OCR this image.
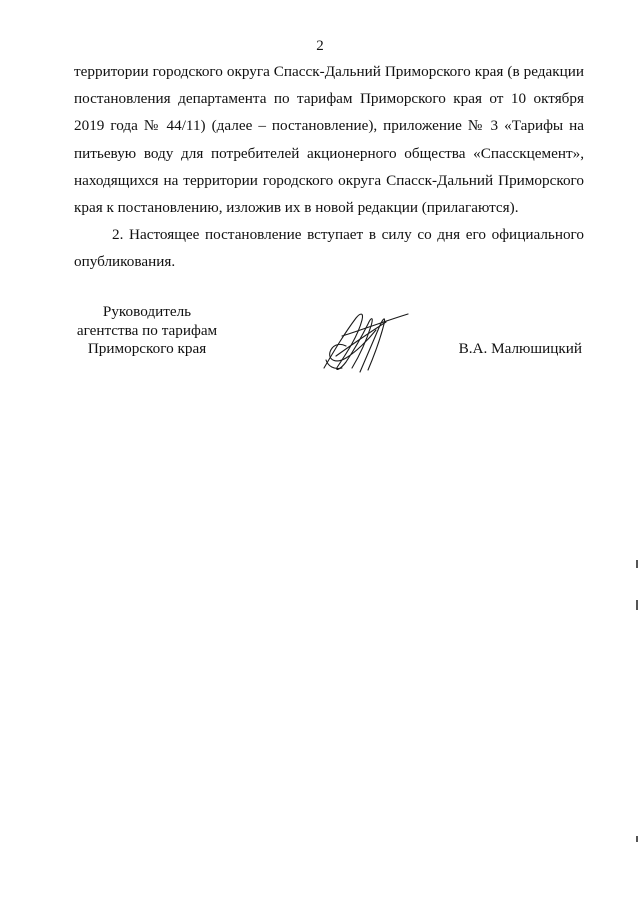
2

территории городского округа Спасск-Дальний Приморского края (в редакции
постановления департамента по тарифам Приморского края от 10 октября
2019 года № 44/11) (далее – постановление), приложение № 3 «Тарифы на
питьевую воду для потребителей акционерного общества «Спасскцемент»,
находящихся на территории городского округа Спасск-Дальний Приморского
края к постановлению, изложив их в новой редакции (прилагаются).

2. Настоящее постановление вступает в силу со дня его официального
опубликования.

Руководитель
агентства по тарифам
Приморского края	В.А. Малюшицкий
